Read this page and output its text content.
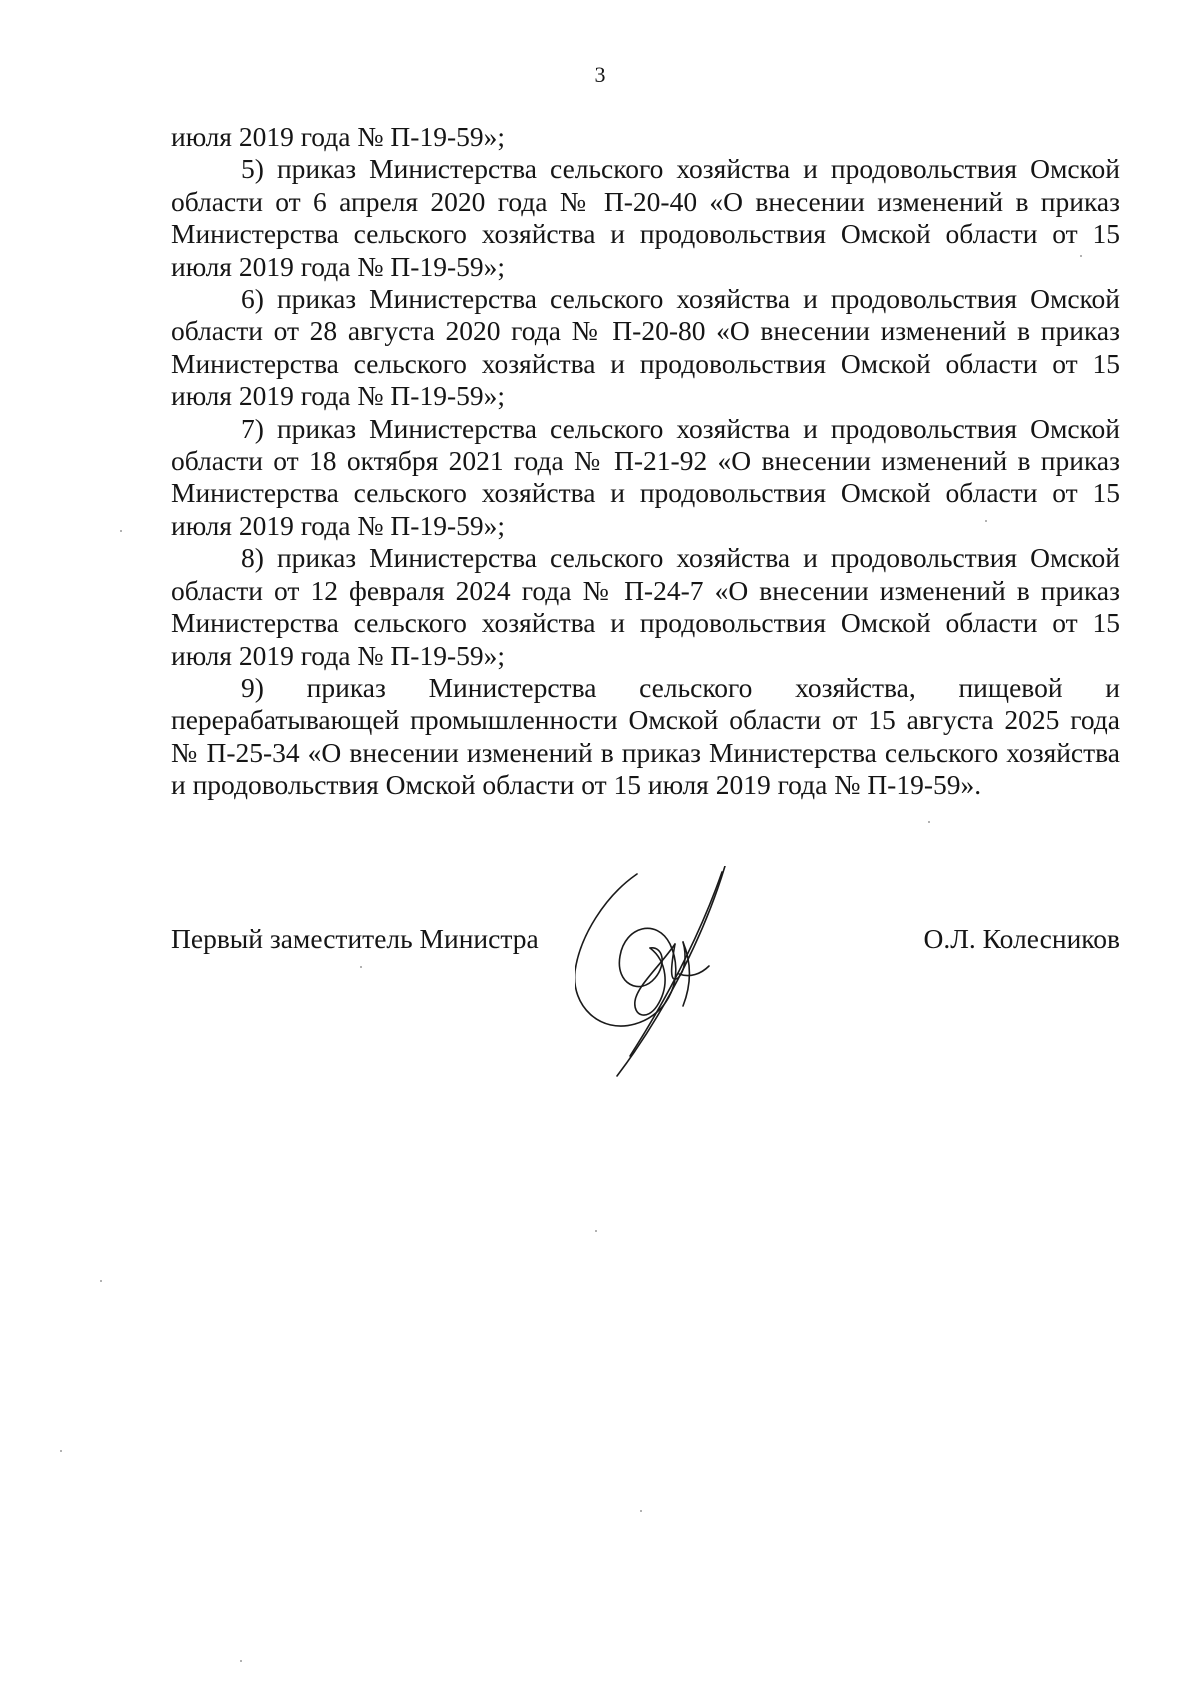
3

июля 2019 года № П-19-59»;

5) приказ Министерства сельского хозяйства и продовольствия Омской области от 6 апреля 2020 года № П-20-40 «О внесении изменений в приказ Министерства сельского хозяйства и продовольствия Омской области от 15 июля 2019 года № П-19-59»;

6) приказ Министерства сельского хозяйства и продовольствия Омской области от 28 августа 2020 года № П-20-80 «О внесении изменений в приказ Министерства сельского хозяйства и продовольствия Омской области от 15 июля 2019 года № П-19-59»;

7) приказ Министерства сельского хозяйства и продовольствия Омской области от 18 октября 2021 года № П-21-92 «О внесении изменений в приказ Министерства сельского хозяйства и продовольствия Омской области от 15 июля 2019 года № П-19-59»;

8) приказ Министерства сельского хозяйства и продовольствия Омской области от 12 февраля 2024 года № П-24-7 «О внесении изменений в приказ Министерства сельского хозяйства и продовольствия Омской области от 15 июля 2019 года № П-19-59»;

9) приказ Министерства сельского хозяйства, пищевой и перерабатывающей промышленности Омской области от 15 августа 2025 года № П-25-34 «О внесении изменений в приказ Министерства сельского хозяйства и продовольствия Омской области от 15 июля 2019 года № П-19-59».

Первый заместитель Министра	О.Л. Колесников
